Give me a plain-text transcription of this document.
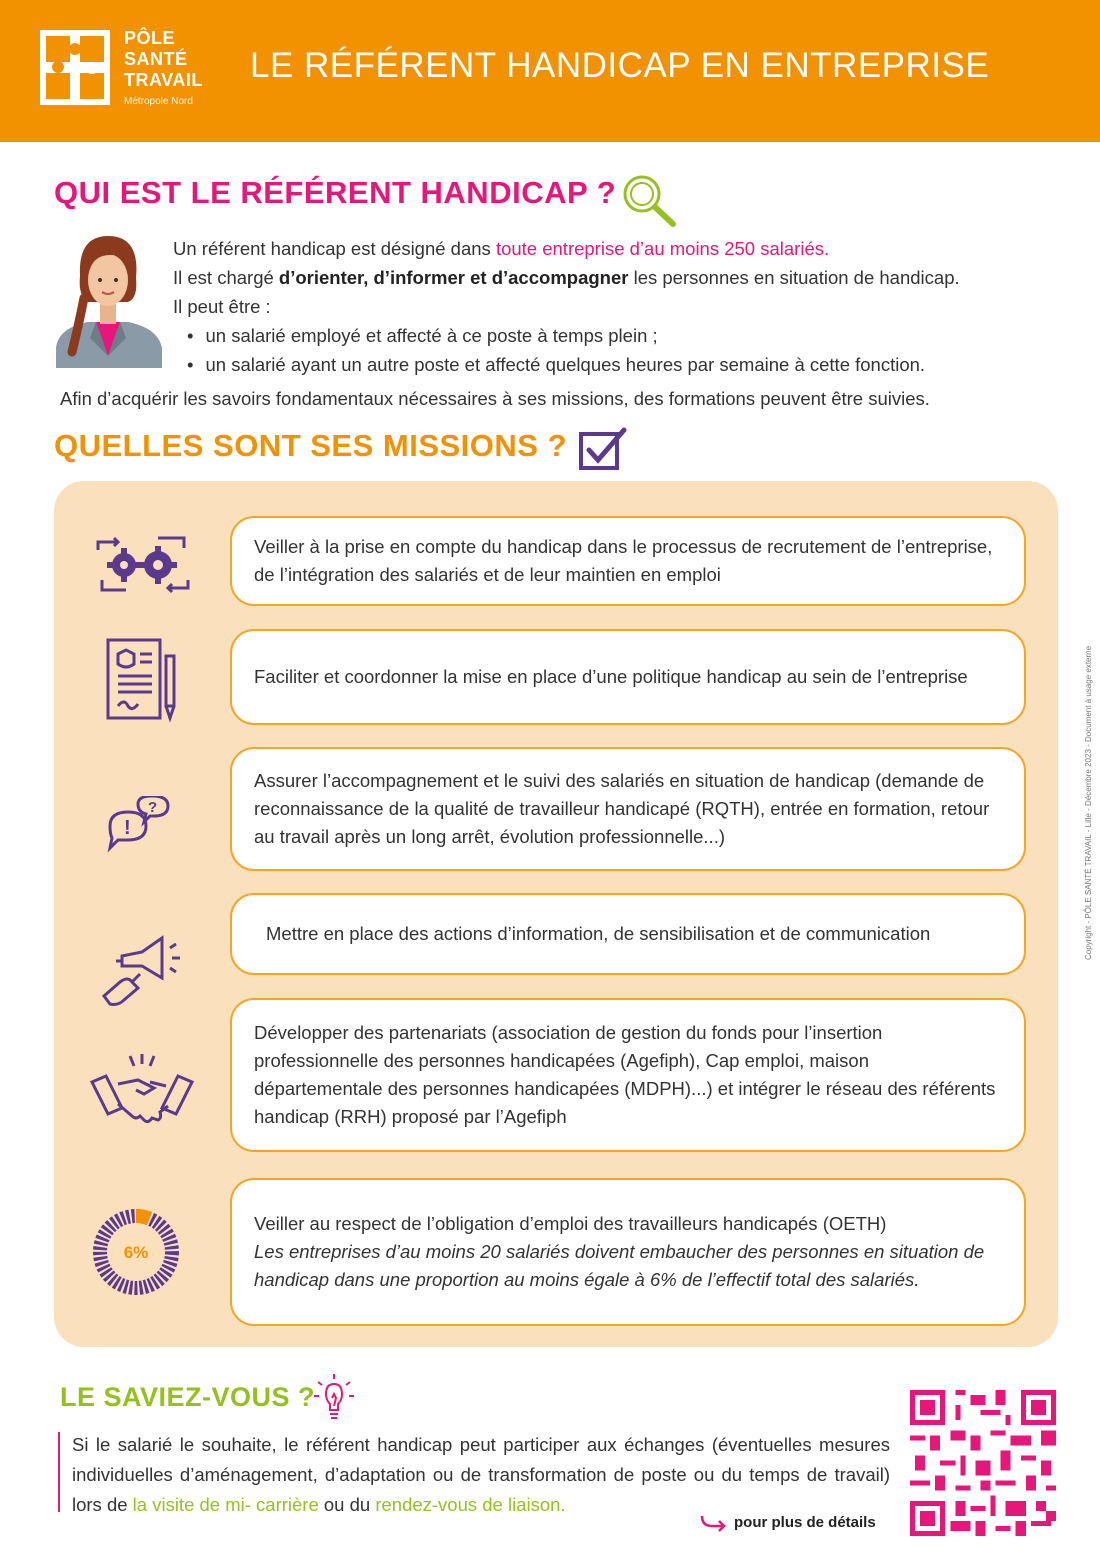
PÔLE
SANTÉ
TRAVAIL
Métropole Nord
LE RÉFÉRENT HANDICAP EN ENTREPRISE
QUI EST LE RÉFÉRENT HANDICAP ?
Un référent handicap est désigné dans toute entreprise d’au moins 250 salariés.
Il est chargé d’orienter, d’informer et d’accompagner les personnes en situation de handicap.
Il peut être :
• un salarié employé et affecté à ce poste à temps plein ;
• un salarié ayant un autre poste et affecté quelques heures par semaine à cette fonction.
Afin d’acquérir les savoirs fondamentaux nécessaires à ses missions, des formations peuvent être suivies.
QUELLES SONT SES MISSIONS ?
Veiller à la prise en compte du handicap dans le processus de recrutement de l’entreprise, de l’intégration des salariés et de leur maintien en emploi
Faciliter et coordonner la mise en place d’une politique handicap au sein de l’entreprise
!
?
Assurer l’accompagnement et le suivi des salariés en situation de handicap (demande de reconnaissance de la qualité de travailleur handicapé (RQTH), entrée en formation, retour au travail après un long arrêt, évolution professionnelle...)
Mettre en place des actions d’information, de sensibilisation et de communication
Développer des partenariats (association de gestion du fonds pour l’insertion professionnelle des personnes handicapées (Agefiph), Cap emploi, maison départementale des personnes handicapées (MDPH)...) et intégrer le réseau des référents handicap (RRH) proposé par l’Agefiph
6%
Veiller au respect de l’obligation d’emploi des travailleurs handicapés (OETH)
Les entreprises d’au moins 20 salariés doivent embaucher des personnes en situation de handicap dans une proportion au moins égale à 6% de l’effectif total des salariés.
Copyright - PÔLE SANTÉ TRAVAIL - Lille - Décembre 2023 - Document à usage externe
LE SAVIEZ-VOUS ?
Si le salarié le souhaite, le référent handicap peut participer aux échanges (éventuelles mesures individuelles d’aménagement, d’adaptation ou de transformation de poste ou du temps de travail) lors de la visite de mi- carrière ou du rendez-vous de liaison.
pour plus de détails
